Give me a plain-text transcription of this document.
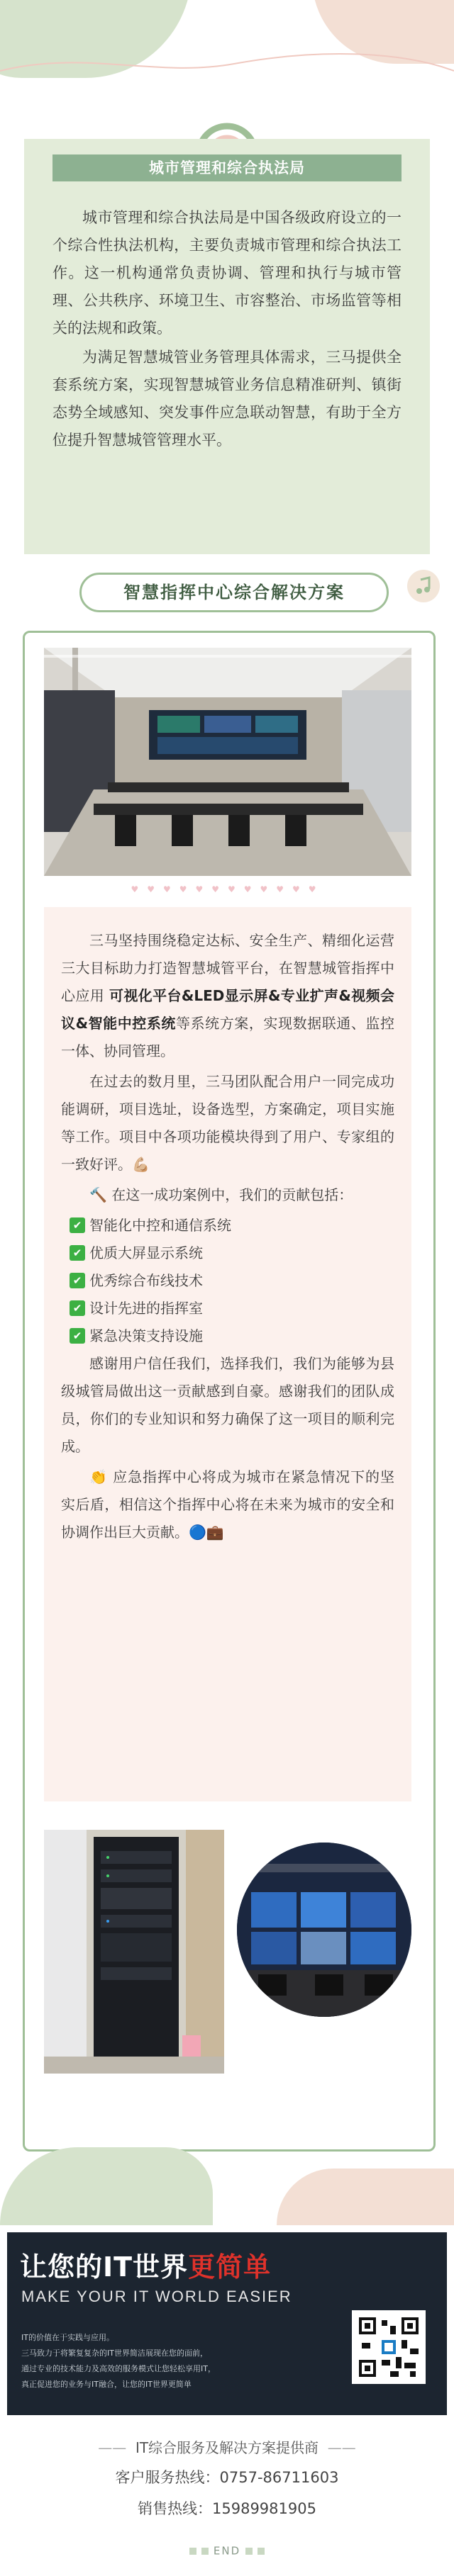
城市管理和综合执法局

城市管理和综合执法局是中国各级政府设立的一个综合性执法机构，主要负责城市管理和综合执法工作。这一机构通常负责协调、管理和执行与城市管理、公共秩序、环境卫生、市容整治、市场监管等相关的法规和政策。

为满足智慧城管业务管理具体需求，三马提供全套系统方案，实现智慧城管业务信息精准研判、镇街态势全域感知、突发事件应急联动智慧，有助于全方位提升智慧城管管理水平。

智慧指挥中心综合解决方案
♥♥♥♥♥♥♥♥♥♥♥♥

三马坚持围绕稳定达标、安全生产、精细化运营三大目标助力打造智慧城管平台，在智慧城管指挥中心应用 可视化平台&LED显示屏&专业扩声&视频会议&智能中控系统等系统方案，实现数据联通、监控一体、协同管理。

在过去的数月里，三马团队配合用户一同完成功能调研，项目选址，设备选型，方案确定，项目实施等工作。项目中各项功能模块得到了用户、专家组的一致好评。💪🏼

🔨 在这一成功案例中，我们的贡献包括：

✔ 智能化中控和通信系统
✔ 优质大屏显示系统
✔ 优秀综合布线技术
✔ 设计先进的指挥室
✔ 紧急决策支持设施

感谢用户信任我们，选择我们，我们为能够为县级城管局做出这一贡献感到自豪。感谢我们的团队成员，你们的专业知识和努力确保了这一项目的顺利完成。

👏 应急指挥中心将成为城市在紧急情况下的坚实后盾，相信这个指挥中心将在未来为城市的安全和协调作出巨大贡献。🔵💼

让您的IT世界更简单
MAKE YOUR IT WORLD EASIER
IT的价值在于实践与应用。
三马致力于将繁复复杂的IT世界简洁展现在您的面前，
通过专业的技术能力及高效的服务模式让您轻松享用IT，
真正促进您的业务与IT融合，让您的IT世界更简单
——  IT综合服务及解决方案提供商  ——
客户服务热线：0757-86711603
销售热线：15989981905
END
